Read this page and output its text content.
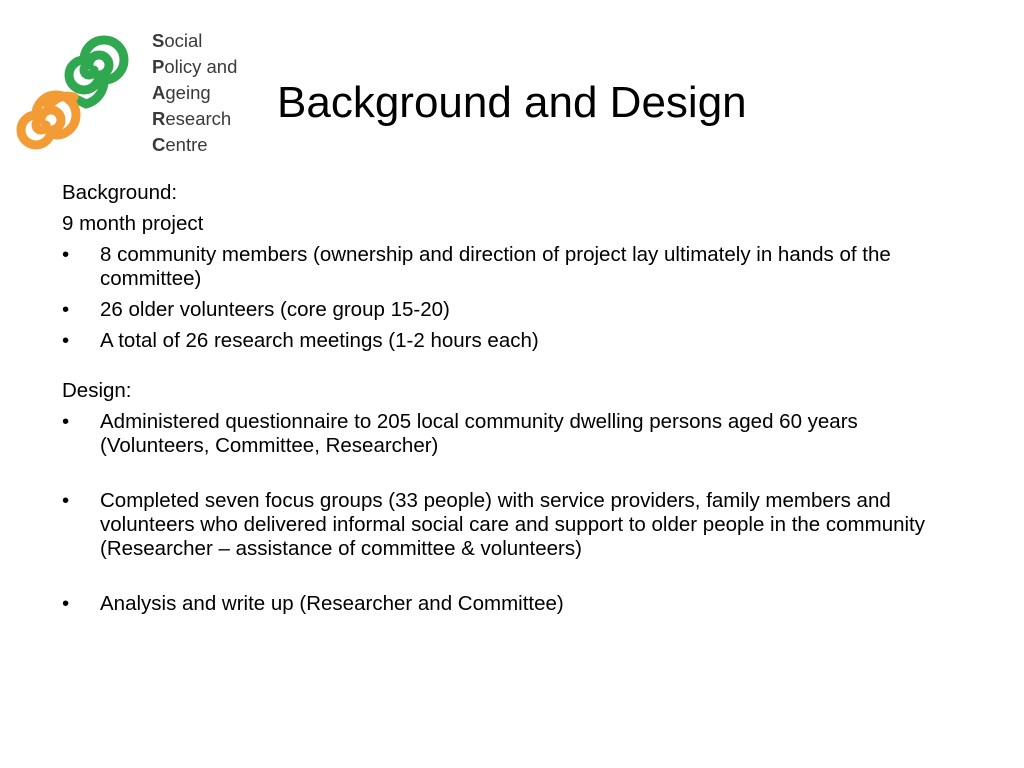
Social
Policy and
Ageing
Research
Centre
Background and Design

Background:

9 month project

• 8 community members (ownership and direction of project lay ultimately in hands of the committee)
• 26 older volunteers (core group 15-20)
• A total of 26 research meetings (1-2 hours each)

Design:

• Administered questionnaire to 205 local community dwelling persons aged 60 years (Volunteers, Committee, Researcher)
• Completed seven focus groups (33 people) with service providers, family members and volunteers who delivered informal social care and support to older people in the community (Researcher – assistance of committee & volunteers)
• Analysis and write up (Researcher and Committee)
